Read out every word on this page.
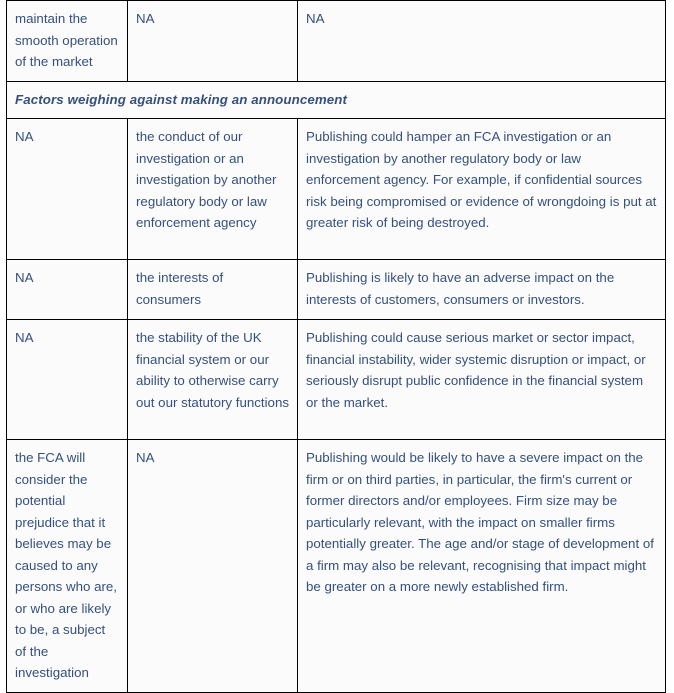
maintain the smooth operation of the market	NA	NA
Factors weighing against making an announcement		
NA	the conduct of our investigation or an investigation by another regulatory body or law enforcement agency	Publishing could hamper an FCA investigation or an investigation by another regulatory body or law enforcement agency. For example, if confidential sources risk being compromised or evidence of wrongdoing is put at greater risk of being destroyed.
NA	the interests of consumers	Publishing is likely to have an adverse impact on the interests of customers, consumers or investors.
NA	the stability of the UK financial system or our ability to otherwise carry out our statutory functions	Publishing could cause serious market or sector impact, financial instability, wider systemic disruption or impact, or seriously disrupt public confidence in the financial system or the market.
the FCA will consider the potential prejudice that it believes may be caused to any persons who are, or who are likely to be, a subject of the investigation	NA	Publishing would be likely to have a severe impact on the firm or on third parties, in particular, the firm's current or former directors and/or employees. Firm size may be particularly relevant, with the impact on smaller firms potentially greater. The age and/or stage of development of a firm may also be relevant, recognising that impact might be greater on a more newly established firm.
